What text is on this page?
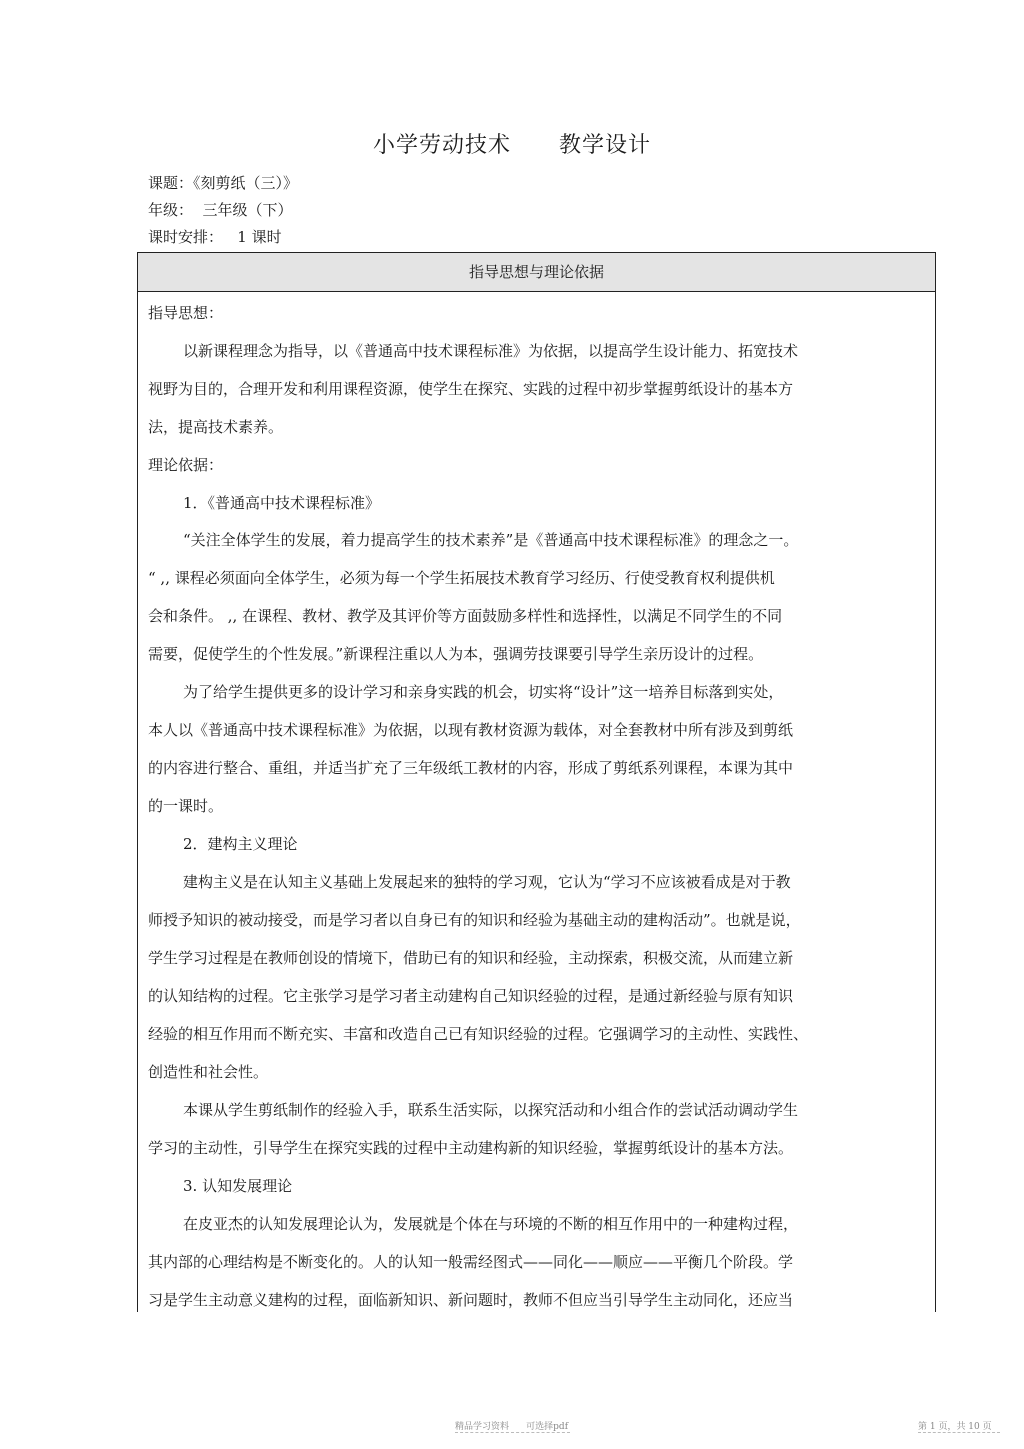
小学劳动技术      教学设计
课题：《刻剪纸（三）》
年级：  三年级（下）
课时安排：   1 课时
指导思想与理论依据
指导思想：
以新课程理念为指导，以《普通高中技术课程标准》为依据，以提高学生设计能力、拓宽技术
视野为目的，合理开发和利用课程资源，使学生在探究、实践的过程中初步掌握剪纸设计的基本方
法，提高技术素养。
理论依据：
1．《普通高中技术课程标准》
“关注全体学生的发展，着力提高学生的技术素养”是《普通高中技术课程标准》的理念之一。
“ ,, 课程必须面向全体学生，必须为每一个学生拓展技术教育学习经历、行使受教育权利提供机
会和条件。 ,, 在课程、教材、教学及其评价等方面鼓励多样性和选择性，以满足不同学生的不同
需要，促使学生的个性发展。”新课程注重以人为本，强调劳技课要引导学生亲历设计的过程。
为了给学生提供更多的设计学习和亲身实践的机会，切实将“设计”这一培养目标落到实处，
本人以《普通高中技术课程标准》为依据，以现有教材资源为载体，对全套教材中所有涉及到剪纸
的内容进行整合、重组，并适当扩充了三年级纸工教材的内容，形成了剪纸系列课程，本课为其中
的一课时。
2．建构主义理论
建构主义是在认知主义基础上发展起来的独特的学习观，它认为“学习不应该被看成是对于教
师授予知识的被动接受，而是学习者以自身已有的知识和经验为基础主动的建构活动”。也就是说，
学生学习过程是在教师创设的情境下，借助已有的知识和经验，主动探索，积极交流，从而建立新
的认知结构的过程。它主张学习是学习者主动建构自己知识经验的过程，是通过新经验与原有知识
经验的相互作用而不断充实、丰富和改造自己已有知识经验的过程。它强调学习的主动性、实践性、
创造性和社会性。
本课从学生剪纸制作的经验入手，联系生活实际，以探究活动和小组合作的尝试活动调动学生
学习的主动性，引导学生在探究实践的过程中主动建构新的知识经验，掌握剪纸设计的基本方法。
3. 认知发展理论
在皮亚杰的认知发展理论认为，发展就是个体在与环境的不断的相互作用中的一种建构过程，
其内部的心理结构是不断变化的。人的认知一般需经图式——同化——顺应——平衡几个阶段。学
习是学生主动意义建构的过程，面临新知识、新问题时，教师不但应当引导学生主动同化，还应当
精品学习资料      可选择pdf	第 1 页，共 10 页
